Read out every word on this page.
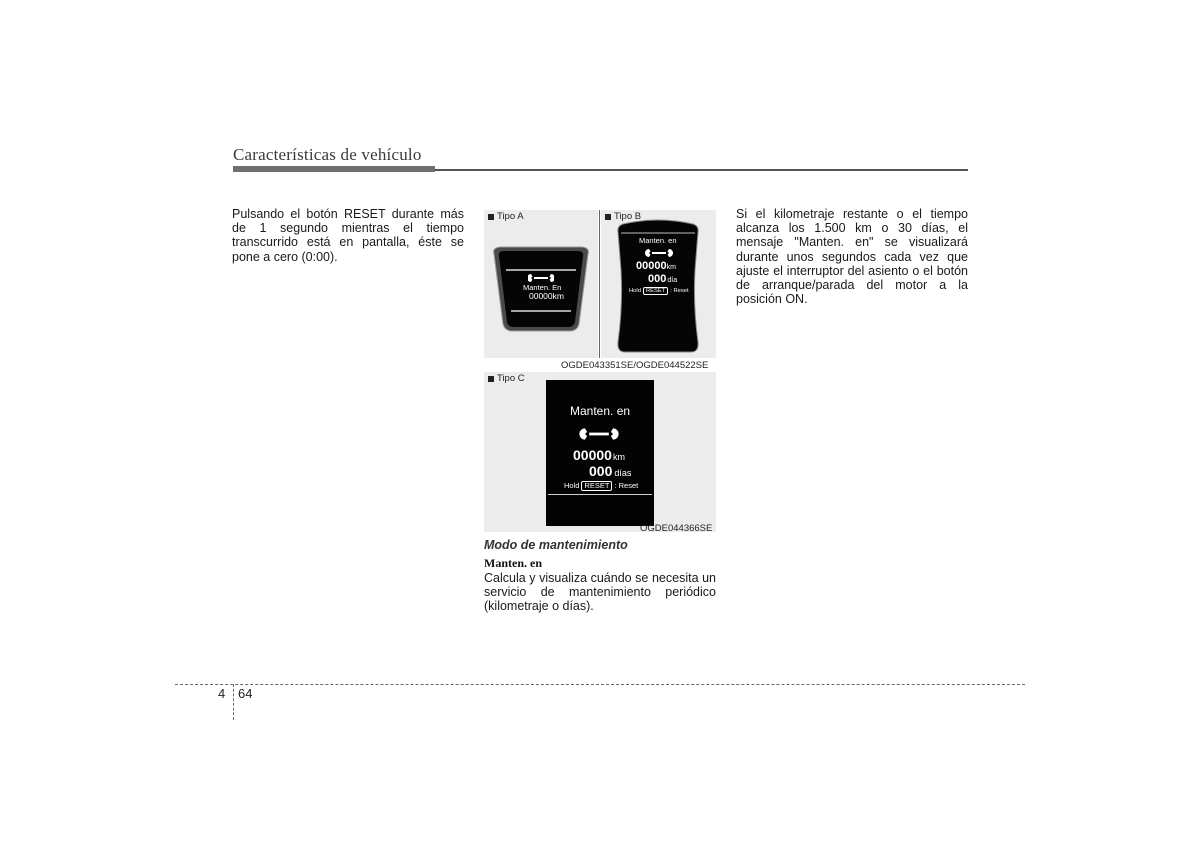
Características de vehículo

Pulsando el botón RESET durante más de 1 segundo mientras el tiempo transcurrido está en pantalla, éste se pone a cero (0:00).

Si el kilometraje restante o el tiempo alcanza los 1.500 km o 30 días, el mensaje "Manten. en" se visualizará durante unos segundos cada vez que ajuste el interruptor del asiento o el botón de arranque/parada del motor a la posición ON.

Tipo A
Manten. En
00000km
Tipo B
Manten. en
00000km
000día
Hold RESET : Reset
OGDE043351SE/OGDE044522SE
Tipo C
Manten. en
00000km
000 días
Hold RESET : Reset
OGDE044366SE
Modo de mantenimiento
Manten. en

Calcula y visualiza cuándo se necesita un servicio de mantenimiento periódico (kilometraje o días).

4 64
